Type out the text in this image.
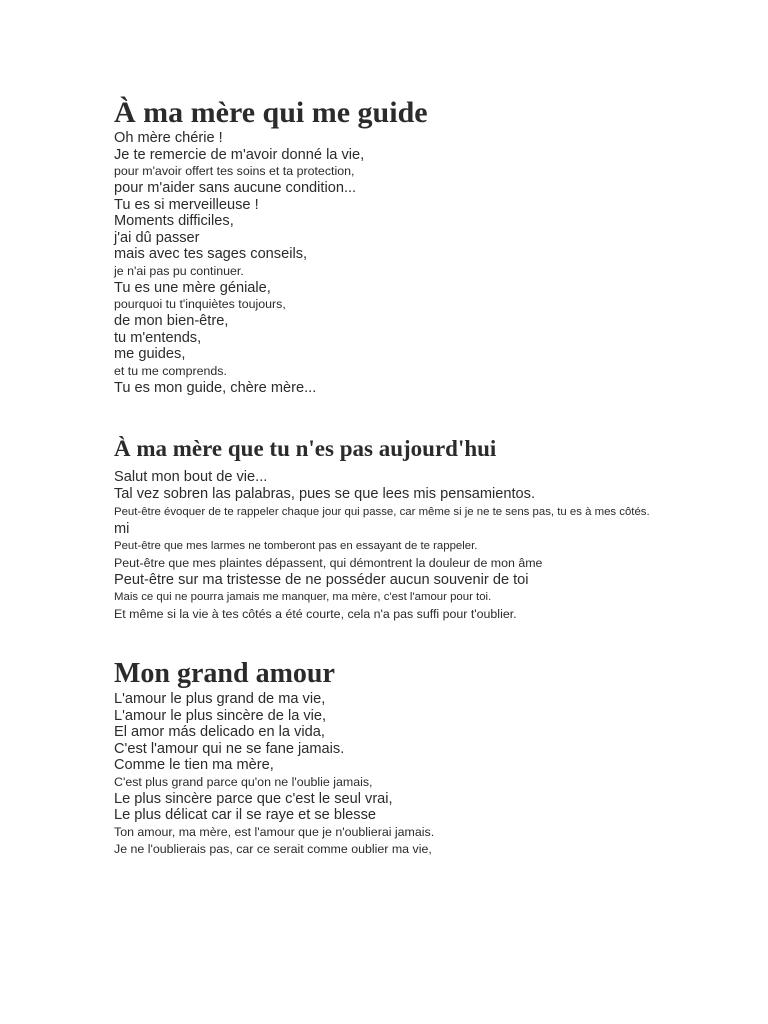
À ma mère qui me guide
Oh mère chérie !
Je te remercie de m'avoir donné la vie,
pour m'avoir offert tes soins et ta protection,
pour m'aider sans aucune condition...
Tu es si merveilleuse !
Moments difficiles,
j'ai dû passer
mais avec tes sages conseils,
je n'ai pas pu continuer.
Tu es une mère géniale,
pourquoi tu t'inquiètes toujours,
de mon bien-être,
tu m'entends,
me guides,
et tu me comprends.
Tu es mon guide, chère mère...
À ma mère que tu n'es pas aujourd'hui
Salut mon bout de vie...
Tal vez sobren las palabras, pues se que lees mis pensamientos.
Peut-être évoquer de te rappeler chaque jour qui passe, car même si je ne te sens pas, tu es à mes côtés.
mi
Peut-être que mes larmes ne tomberont pas en essayant de te rappeler.
Peut-être que mes plaintes dépassent, qui démontrent la douleur de mon âme
Peut-être sur ma tristesse de ne posséder aucun souvenir de toi
Mais ce qui ne pourra jamais me manquer, ma mère, c'est l'amour pour toi.
Et même si la vie à tes côtés a été courte, cela n'a pas suffi pour t'oublier.
Mon grand amour
L'amour le plus grand de ma vie,
L'amour le plus sincère de la vie,
El amor más delicado en la vida,
C'est l'amour qui ne se fane jamais.
Comme le tien ma mère,
C'est plus grand parce qu'on ne l'oublie jamais,
Le plus sincère parce que c'est le seul vrai,
Le plus délicat car il se raye et se blesse
Ton amour, ma mère, est l'amour que je n'oublierai jamais.
Je ne l'oublierais pas, car ce serait comme oublier ma vie,
